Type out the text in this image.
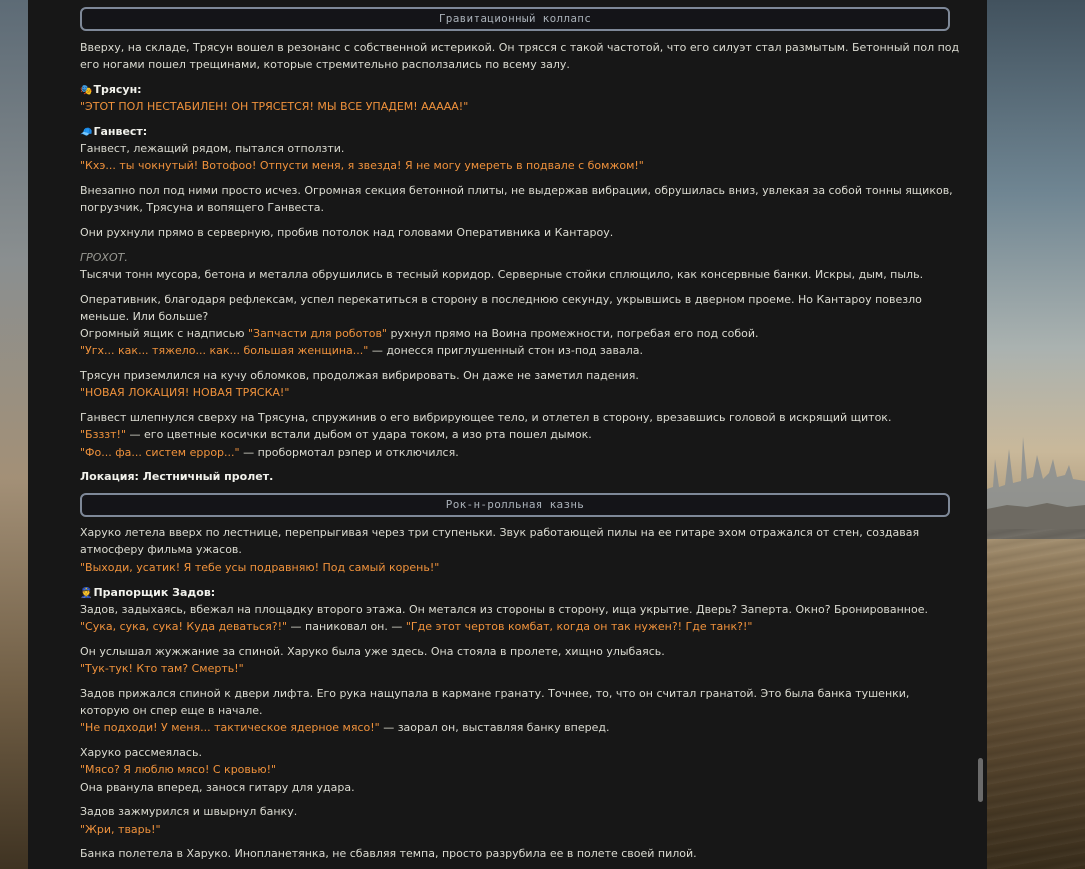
Гравитационный коллапс
Вверху, на складе, Трясун вошел в резонанс с собственной истерикой. Он трясся с такой частотой, что его силуэт стал размытым. Бетонный пол под его ногами пошел трещинами, которые стремительно расползались по всему залу.
🎭Трясун:
"ЭТОТ ПОЛ НЕСТАБИЛЕН! ОН ТРЯСЕТСЯ! МЫ ВСЕ УПАДЕМ! ААААА!"
🧢Ганвест:
Ганвест, лежащий рядом, пытался отползти.
"Кхэ... ты чокнутый! Вотофоо! Отпусти меня, я звезда! Я не могу умереть в подвале с бомжом!"
Внезапно пол под ними просто исчез. Огромная секция бетонной плиты, не выдержав вибрации, обрушилась вниз, увлекая за собой тонны ящиков, погрузчик, Трясуна и вопящего Ганвеста.
Они рухнули прямо в серверную, пробив потолок над головами Оперативника и Кантароу.
ГРОХОТ.
Тысячи тонн мусора, бетона и металла обрушились в тесный коридор. Серверные стойки сплющило, как консервные банки. Искры, дым, пыль.
Оперативник, благодаря рефлексам, успел перекатиться в сторону в последнюю секунду, укрывшись в дверном проеме. Но Кантароу повезло меньше. Или больше?
Огромный ящик с надписью "Запчасти для роботов" рухнул прямо на Воина промежности, погребая его под собой.
"Угх... как... тяжело... как... большая женщина..." — донесся приглушенный стон из-под завала.
Трясун приземлился на кучу обломков, продолжая вибрировать. Он даже не заметил падения.
"НОВАЯ ЛОКАЦИЯ! НОВАЯ ТРЯСКА!"
Ганвест шлепнулся сверху на Трясуна, спружинив о его вибрирующее тело, и отлетел в сторону, врезавшись головой в искрящий щиток.
"Бзззт!" — его цветные косички встали дыбом от удара током, а изо рта пошел дымок.
"Фо... фа... систем еррор..." — пробормотал рэпер и отключился.
Локация: Лестничный пролет.
Рок-н-ролльная казнь
Харуко летела вверх по лестнице, перепрыгивая через три ступеньки. Звук работающей пилы на ее гитаре эхом отражался от стен, создавая атмосферу фильма ужасов.
"Выходи, усатик! Я тебе усы подравняю! Под самый корень!"
👮Прапорщик Задов:
Задов, задыхаясь, вбежал на площадку второго этажа. Он метался из стороны в сторону, ища укрытие. Дверь? Заперта. Окно? Бронированное.
"Сука, сука, сука! Куда деваться?!" — паниковал он. — "Где этот чертов комбат, когда он так нужен?! Где танк?!"
Он услышал жужжание за спиной. Харуко была уже здесь. Она стояла в пролете, хищно улыбаясь.
"Тук-тук! Кто там? Смерть!"
Задов прижался спиной к двери лифта. Его рука нащупала в кармане гранату. Точнее, то, что он считал гранатой. Это была банка тушенки, которую он спер еще в начале.
"Не подходи! У меня... тактическое ядерное мясо!" — заорал он, выставляя банку вперед.
Харуко рассмеялась.
"Мясо? Я люблю мясо! С кровью!"
Она рванула вперед, занося гитару для удара.
Задов зажмурился и швырнул банку.
"Жри, тварь!"
Банка полетела в Харуко. Инопланетянка, не сбавляя темпа, просто разрубила ее в полете своей пилой.
